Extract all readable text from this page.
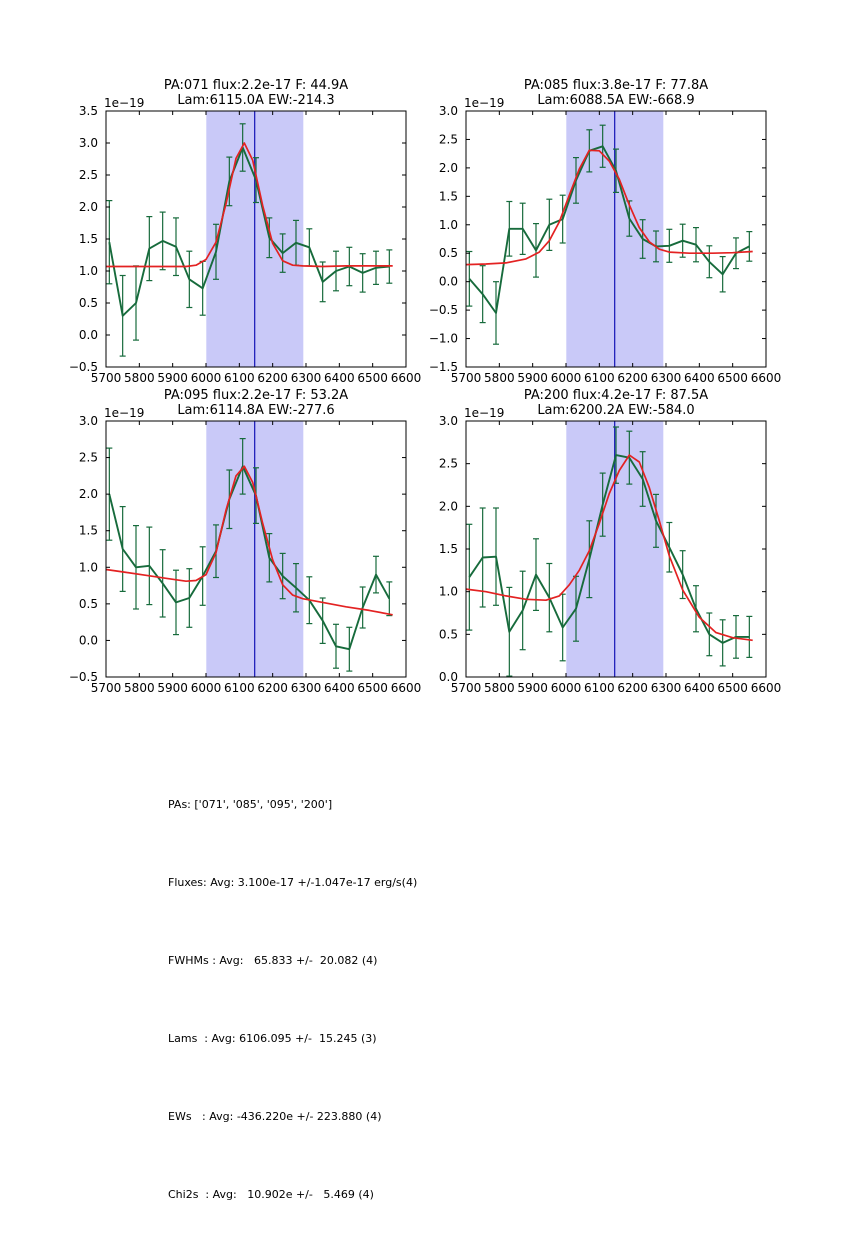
PA:071 flux:2.2e-17 F: 44.9A
Lam:6115.0A EW:-214.3
1e−19
5700 5800 5900 6000 6100 6200 6300 6400 6500 6600
3.5
3.0
2.5
2.0
1.5
1.0
0.5
0.0
−0.5
PA:085 flux:3.8e-17 F: 77.8A
Lam:6088.5A EW:-668.9
1e−19
5700 5800 5900 6000 6100 6200 6300 6400 6500 6600
3.0
2.5
2.0
1.5
1.0
0.5
0.0
−0.5
−1.0
−1.5
PA:095 flux:2.2e-17 F: 53.2A
Lam:6114.8A EW:-277.6
1e−19
5700 5800 5900 6000 6100 6200 6300 6400 6500 6600
3.0
2.5
2.0
1.5
1.0
0.5
0.0
−0.5
PA:200 flux:4.2e-17 F: 87.5A
Lam:6200.2A EW:-584.0
1e−19
5700 5800 5900 6000 6100 6200 6300 6400 6500 6600
3.0
2.5
2.0
1.5
1.0
0.5
0.0

PAs: ['071', '085', '095', '200']

Fluxes: Avg: 3.100e-17 +/-1.047e-17 erg/s(4)

FWHMs : Avg:   65.833 +/-  20.082 (4)

Lams  : Avg: 6106.095 +/-  15.245 (3)

EWs   : Avg: -436.220e +/- 223.880 (4)

Chi2s  : Avg:   10.902e +/-   5.469 (4)
